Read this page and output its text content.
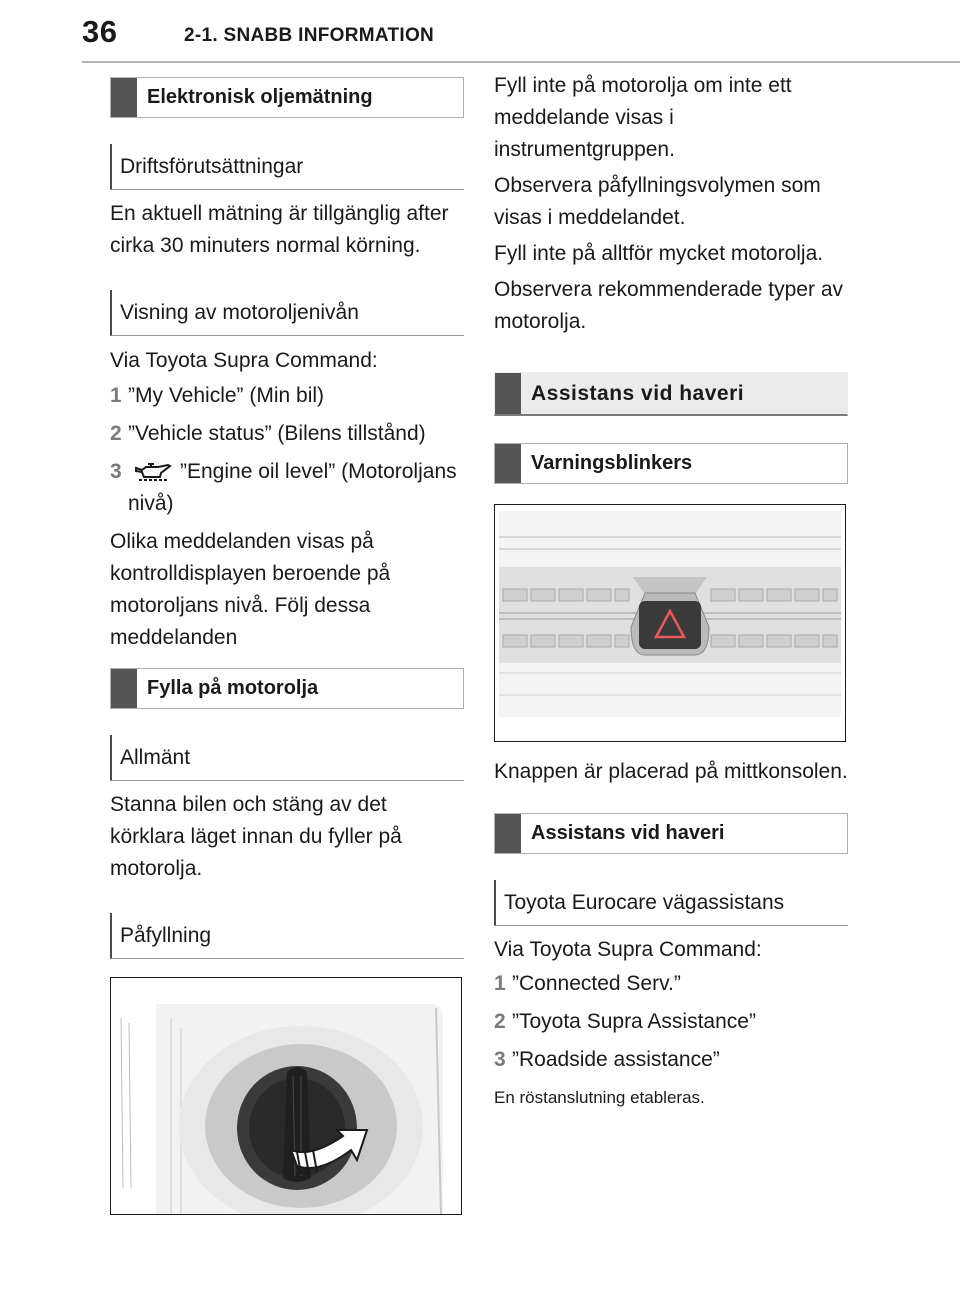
36	2-1. SNABB INFORMATION
Elektronisk oljemätning
Driftsförutsättningar

En aktuell mätning är tillgänglig after cirka 30 minuters normal körning.

Visning av motoroljenivån

Via Toyota Supra Command:

1 ”My Vehicle” (Min bil)
2 ”Vehicle status” (Bilens tillstånd)
3	”Engine oil level” (Motoroljans nivå)

Olika meddelanden visas på kontrolldisplayen beroende på motoroljans nivå. Följ dessa meddelanden

Fylla på motorolja
Allmänt

Stanna bilen och stäng av det körklara läget innan du fyller på motorolja.

Påfyllning

Fyll inte på motorolja om inte ett meddelande visas i instrumentgruppen.

Observera påfyllningsvolymen som visas i meddelandet.

Fyll inte på alltför mycket motorolja.

Observera rekommenderade typer av motorolja.

Assistans vid haveri
Varningsblinkers

Knappen är placerad på mittkonsolen.

Assistans vid haveri
Toyota Eurocare vägassistans

Via Toyota Supra Command:

1 ”Connected Serv.”
2 ”Toyota Supra Assistance”
3 ”Roadside assistance”

En röstanslutning etableras.
